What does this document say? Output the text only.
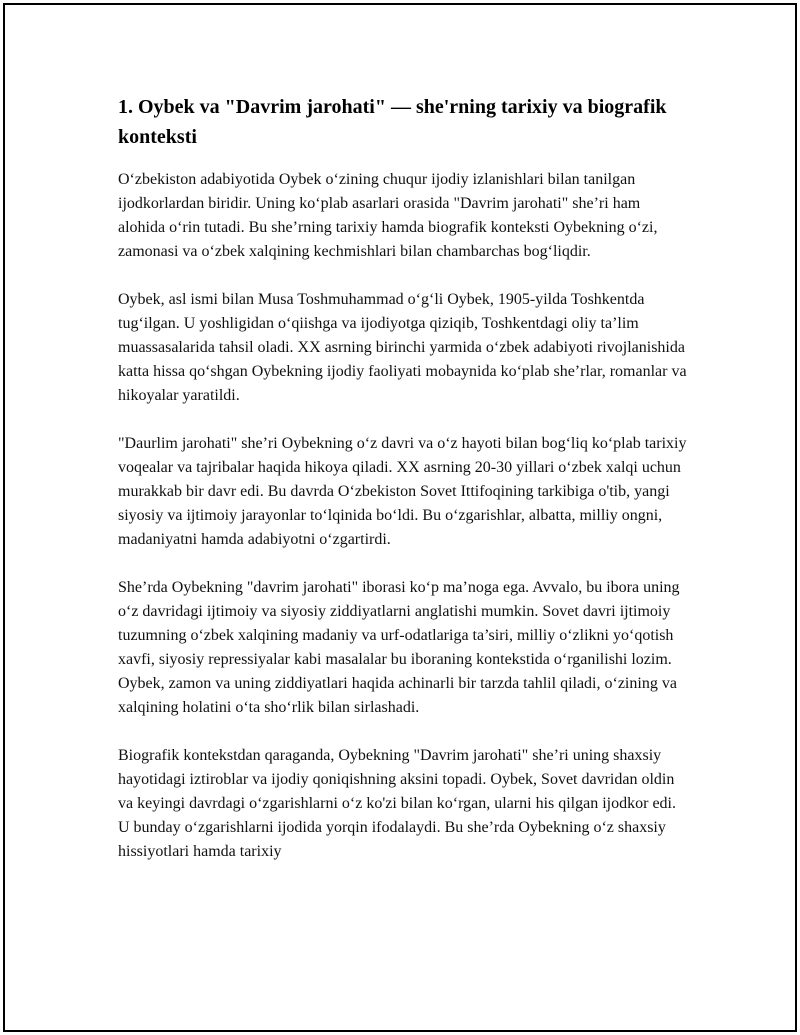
1. Oybek va "Davrim jarohati" — she'rning tarixiy va biografik konteksti

O‘zbekiston adabiyotida Oybek o‘zining chuqur ijodiy izlanishlari bilan tanilgan ijodkorlardan biridir. Uning ko‘plab asarlari orasida "Davrim jarohati" she’ri ham alohida o‘rin tutadi. Bu she’rning tarixiy hamda biografik konteksti Oybekning o‘zi, zamonasi va o‘zbek xalqining kechmishlari bilan chambarchas bog‘liqdir.

Oybek, asl ismi bilan Musa Toshmuhammad o‘g‘li Oybek, 1905-yilda Toshkentda tug‘ilgan. U yoshligidan o‘qiishga va ijodiyotga qiziqib, Toshkentdagi oliy ta’lim muassasalarida tahsil oladi. XX asrning birinchi yarmida o‘zbek adabiyoti rivojlanishida katta hissa qo‘shgan Oybekning ijodiy faoliyati mobaynida ko‘plab she’rlar, romanlar va hikoyalar yaratildi.

"Daurlim jarohati" she’ri Oybekning o‘z davri va o‘z hayoti bilan bog‘liq ko‘plab tarixiy voqealar va tajribalar haqida hikoya qiladi. XX asrning 20-30 yillari o‘zbek xalqi uchun murakkab bir davr edi. Bu davrda O‘zbekiston Sovet Ittifoqining tarkibiga o'tib, yangi siyosiy va ijtimoiy jarayonlar to‘lqinida bo‘ldi. Bu o‘zgarishlar, albatta, milliy ongni, madaniyatni hamda adabiyotni o‘zgartirdi.

She’rda Oybekning "davrim jarohati" iborasi ko‘p ma’noga ega. Avvalo, bu ibora uning o‘z davridagi ijtimoiy va siyosiy ziddiyatlarni anglatishi mumkin. Sovet davri ijtimoiy tuzumning o‘zbek xalqining madaniy va urf-odatlariga ta’siri, milliy o‘zlikni yo‘qotish xavfi, siyosiy repressiyalar kabi masalalar bu iboraning kontekstida o‘rganilishi lozim. Oybek, zamon va uning ziddiyatlari haqida achinarli bir tarzda tahlil qiladi, o‘zining va xalqining holatini o‘ta sho‘rlik bilan sirlashadi.

Biografik kontekstdan qaraganda, Oybekning "Davrim jarohati" she’ri uning shaxsiy hayotidagi iztiroblar va ijodiy qoniqishning aksini topadi. Oybek, Sovet davridan oldin va keyingi davrdagi o‘zgarishlarni o‘z ko'zi bilan ko‘rgan, ularni his qilgan ijodkor edi. U bunday o‘zgarishlarni ijodida yorqin ifodalaydi. Bu she’rda Oybekning o‘z shaxsiy hissiyotlari hamda tarixiy
